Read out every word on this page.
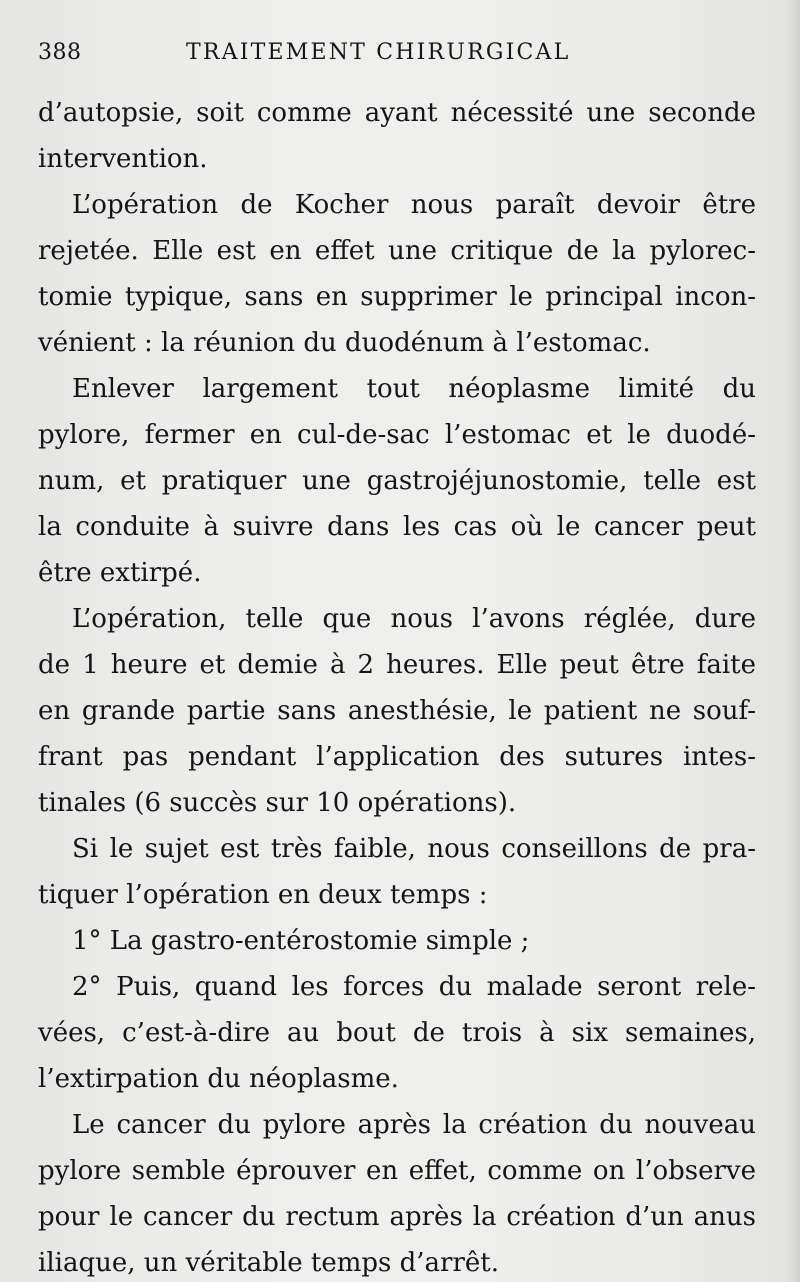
388	TRAITEMENT CHIRURGICAL
d’autopsie, soit comme ayant nécessité une seconde
intervention.
L’opération de Kocher nous paraît devoir être
rejetée. Elle est en effet une critique de la pylorec-
tomie typique, sans en supprimer le principal incon-
vénient : la réunion du duodénum à l’estomac.
Enlever largement tout néoplasme limité du
pylore, fermer en cul-de-sac l’estomac et le duodé-
num, et pratiquer une gastrojéjunostomie, telle est
la conduite à suivre dans les cas où le cancer peut
être extirpé.
L’opération, telle que nous l’avons réglée, dure
de 1 heure et demie à 2 heures. Elle peut être faite
en grande partie sans anesthésie, le patient ne souf-
frant pas pendant l’application des sutures intes-
tinales (6 succès sur 10 opérations).
Si le sujet est très faible, nous conseillons de pra-
tiquer l’opération en deux temps :
1° La gastro-entérostomie simple ;
2° Puis, quand les forces du malade seront rele-
vées, c’est-à-dire au bout de trois à six semaines,
l’extirpation du néoplasme.
Le cancer du pylore après la création du nouveau
pylore semble éprouver en effet, comme on l’observe
pour le cancer du rectum après la création d’un anus
iliaque, un véritable temps d’arrêt.
